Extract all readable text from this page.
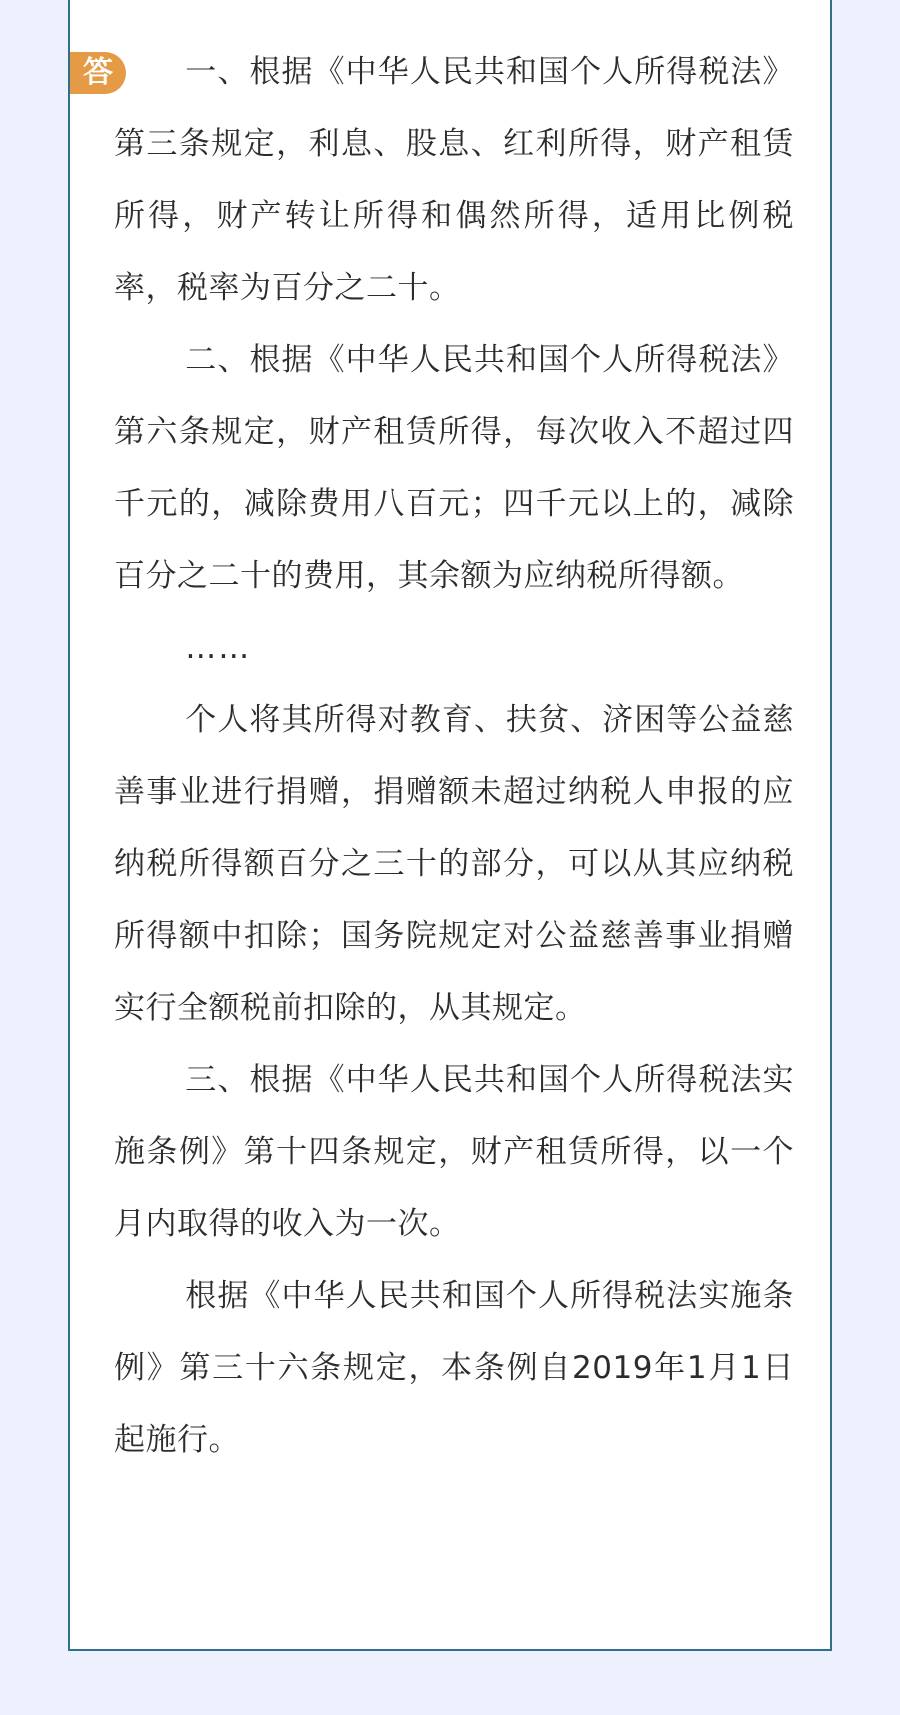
答	一、根据《中华人民共和国个人所得税法》第三条规定，利息、股息、红利所得，财产租赁所得，财产转让所得和偶然所得，适用比例税率，税率为百分之二十。

二、根据《中华人民共和国个人所得税法》第六条规定，财产租赁所得，每次收入不超过四千元的，减除费用八百元；四千元以上的，减除百分之二十的费用，其余额为应纳税所得额。

……

个人将其所得对教育、扶贫、济困等公益慈善事业进行捐赠，捐赠额未超过纳税人申报的应纳税所得额百分之三十的部分，可以从其应纳税所得额中扣除；国务院规定对公益慈善事业捐赠实行全额税前扣除的，从其规定。

三、根据《中华人民共和国个人所得税法实施条例》第十四条规定，财产租赁所得，以一个月内取得的收入为一次。

根据《中华人民共和国个人所得税法实施条例》第三十六条规定，本条例自2019年1月1日起施行。
